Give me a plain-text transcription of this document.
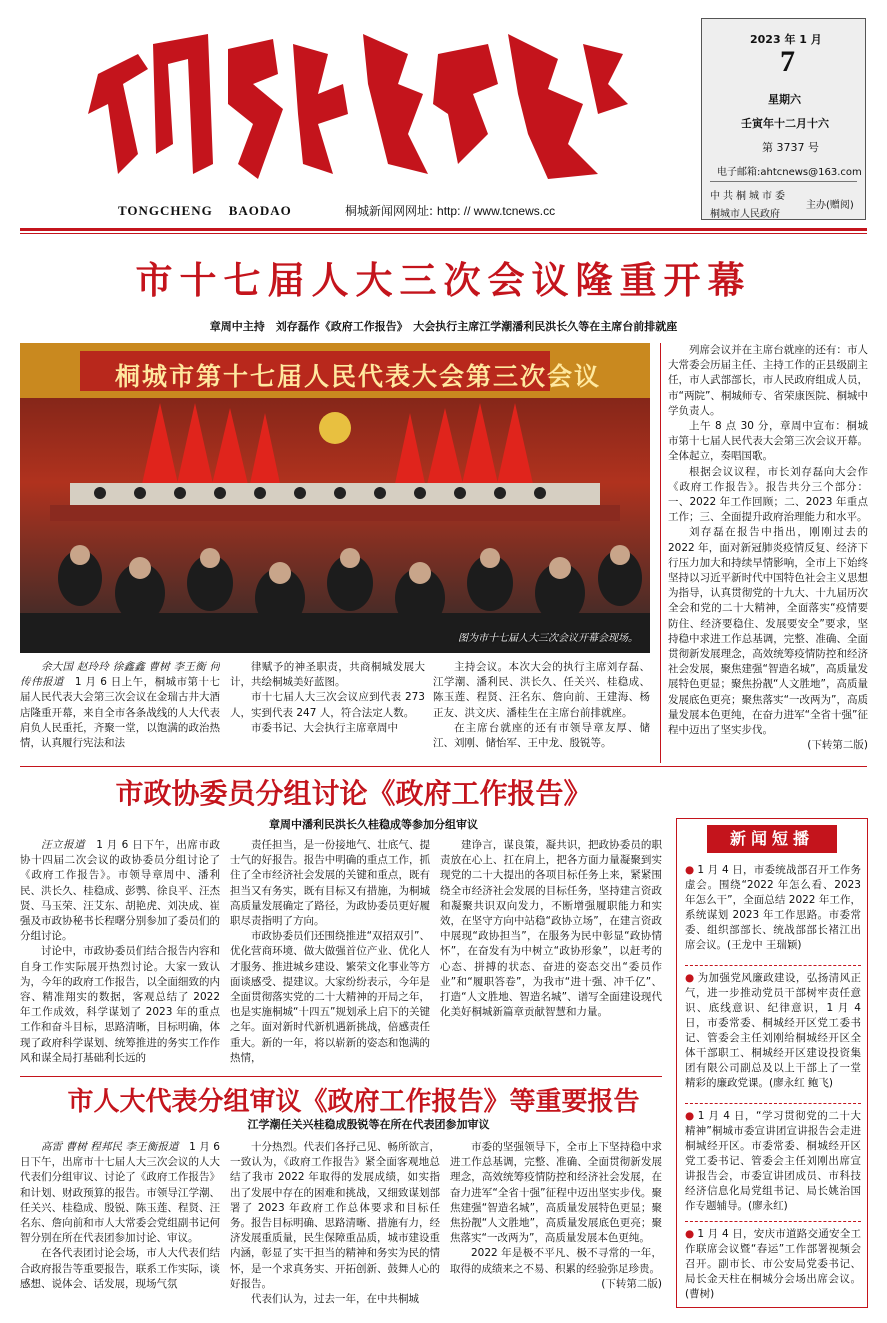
TONGCHENG BAODAO	桐城新闻网网址: http: // www.tcnews.cc
2023 年 1 月
7
星期六
壬寅年十二月十六
第 3737 号
电子邮箱:ahtcnews@163.com
中共桐城市委
桐城市人民政府
主办(赠阅)
市十七届人大三次会议隆重开幕
章周中主持　刘存磊作《政府工作报告》　大会执行主席江学潮潘利民洪长久等在主席台前排就座
桐城市第十七届人民代表大会第三次会议
图为市十七届人大三次会议开幕会现场。

余大国 赵玲玲 徐鑫鑫 曹树 李王衡 何传伟报道　1 月 6 日上午，桐城市第十七届人民代表大会第三次会议在金瑞古井大酒店隆重开幕，来自全市各条战线的人大代表肩负人民重托，齐聚一堂，以饱满的政治热情，认真履行宪法和法

律赋予的神圣职责，共商桐城发展大计，共绘桐城美好蓝图。

市十七届人大三次会议应到代表 273 人，实到代表 247 人，符合法定人数。

市委书记、大会执行主席章周中

主持会议。本次大会的执行主席刘存磊、江学潮、潘利民、洪长久、任关兴、桂稳成、陈玉莲、程贤、汪名东、詹向前、王建海、杨正友、洪文庆、潘桂生在主席台前排就座。

在主席台就座的还有市领导章友厚、储江、刘刚、储怡军、王中龙、殷锐等。

列席会议并在主席台就座的还有：市人大常委会历届主任、主持工作的正县级副主任，市人武部部长，市人民政府组成人员，市“两院”、桐城师专、省荣康医院、桐城中学负责人。

上午 8 点 30 分，章周中宣布：桐城市第十七届人民代表大会第三次会议开幕。全体起立，奏唱国歌。

根据会议议程，市长刘存磊向大会作《政府工作报告》。报告共分三个部分：一、2022 年工作回顾；二、2023 年重点工作；三、全面提升政府治理能力和水平。

刘存磊在报告中指出，刚刚过去的 2022 年，面对新冠肺炎疫情反复、经济下行压力加大和持续旱情影响，全市上下始终坚持以习近平新时代中国特色社会主义思想为指导，认真贯彻党的十九大、十九届历次全会和党的二十大精神，全面落实“疫情要防住、经济要稳住、发展要安全”要求，坚持稳中求进工作总基调，完整、准确、全面贯彻新发展理念，高效统筹疫情防控和经济社会发展，聚焦建强“智造名城”，高质量发展特色更显；聚焦扮靓“人文胜地”，高质量发展底色更亮；聚焦落实“一改两为”，高质量发展本色更纯，在奋力进军“全省十强”征程中迈出了坚实步伐。

(下转第二版)
市政协委员分组讨论《政府工作报告》
章周中潘利民洪长久桂稳成等参加分组审议

汪立报道　1 月 6 日下午，出席市政协十四届二次会议的政协委员分组讨论了《政府工作报告》。市领导章周中、潘利民、洪长久、桂稳成、彭鹗、徐良平、汪杰贤、马玉荣、汪艾东、胡艳虎、刘决成、崔强及市政协秘书长程曙分别参加了委员们的分组讨论。

讨论中，市政协委员们结合报告内容和自身工作实际展开热烈讨论。大家一致认为，今年的政府工作报告，以全面细致的内容、精准翔实的数据，客观总结了 2022 年工作成效，科学谋划了 2023 年的重点工作和奋斗目标，思路清晰，目标明确，体现了政府科学谋划、统筹推进的务实工作作风和谋全局打基础利长远的

责任担当，是一份接地气、壮底气、提士气的好报告。报告中明确的重点工作，抓住了全市经济社会发展的关键和重点，既有担当又有务实，既有目标又有措施，为桐城高质量发展确定了路径，为政协委员更好履职尽责指明了方向。

市政协委员们还围绕推进“双招双引”、优化营商环境、做大做强首位产业、优化人才服务、推进城乡建设、繁荣文化事业等方面谈感受、提建议。大家纷纷表示，今年是全面贯彻落实党的二十大精神的开局之年，也是实施桐城“十四五”规划承上启下的关键之年。面对新时代新机遇新挑战，倍感责任重大。新的一年，将以崭新的姿态和饱满的热情，

建诤言，谋良策，凝共识，把政协委员的职责放在心上、扛在肩上，把各方面力量凝聚到实现党的二十大提出的各项目标任务上来，紧紧围绕全市经济社会发展的目标任务，坚持建言资政和凝聚共识双向发力，不断增强履职能力和实效，在坚守方向中站稳“政协立场”，在建言资政中展现“政协担当”，在服务为民中彰显“政协情怀”，在奋发有为中树立“政协形象”，以赶考的心态、拼搏的状态、奋进的姿态交出“委员作业”和“履职答卷”，为我市“进十强、冲千亿”、打造“人文胜地、智造名城”、谱写全面建设现代化美好桐城新篇章贡献智慧和力量。

市人大代表分组审议《政府工作报告》等重要报告
江学潮任关兴桂稳成殷锐等在所在代表团参加审议

高雷 曹树 程邦民 李王衡报道　1 月 6 日下午，出席市十七届人大三次会议的人大代表们分组审议、讨论了《政府工作报告》和计划、财政预算的报告。市领导江学潮、任关兴、桂稳成、殷锐、陈玉莲、程贤、汪名东、詹向前和市人大常委会党组副书记何智分别在所在代表团参加讨论、审议。

在各代表团讨论会场，市人大代表们结合政府报告等重要报告，联系工作实际，谈感想、说体会、话发展，现场气氛

十分热烈。代表们各抒己见、畅所欲言，一致认为，《政府工作报告》紧全面客观地总结了我市 2022 年取得的发展成绩，如实指出了发展中存在的困难和挑战，又细致谋划部署了 2023 年政府工作总体要求和目标任务。报告目标明确、思路清晰、措施有力，经济发展重质量，民生保障重品质，城市建设重内涵，彰显了实干担当的精神和务实为民的情怀，是一个求真务实、开拓创新、鼓舞人心的好报告。

代表们认为，过去一年，在中共桐城

市委的坚强领导下，全市上下坚持稳中求进工作总基调，完整、准确、全面贯彻新发展理念，高效统筹疫情防控和经济社会发展，在奋力进军“全省十强”征程中迈出坚实步伐。聚焦建强“智造名城”，高质量发展特色更显；聚焦扮靓“人文胜地”，高质量发展底色更亮；聚焦落实“一改两为”，高质量发展本色更纯。

2022 年是极不平凡、极不寻常的一年，取得的成绩来之不易、积累的经验弥足珍贵。

(下转第二版)
新闻短播
● 1 月 4 日，市委统战部召开工作务虚会。围绕“2022 年怎么看、2023 年怎么干”，全面总结 2022 年工作，系统谋划 2023 年工作思路。市委常委、组织部部长、统战部部长褚江出席会议。(王龙中 王瑞颖)
● 为加强党风廉政建设，弘扬清风正气，进一步推动党员干部树牢责任意识、底线意识、纪律意识，1 月 4 日，市委常委、桐城经开区党工委书记、管委会主任刘刚给桐城经开区全体干部职工、桐城经开区建设投资集团有限公司副总及以上干部上了一堂精彩的廉政党课。(廖永红 鲍飞)
● 1 月 4 日，“学习贯彻党的二十大精神”桐城市委宣讲团宣讲报告会走进桐城经开区。市委常委、桐城经开区党工委书记、管委会主任刘刚出席宣讲报告会，市委宣讲团成员、市科技经济信息化局党组书记、局长姚治国作专题辅导。(廖永红)
● 1 月 4 日，安庆市道路交通安全工作联席会议暨“春运”工作部署视频会召开。副市长、市公安局党委书记、局长金天柱在桐城分会场出席会议。(曹树)
